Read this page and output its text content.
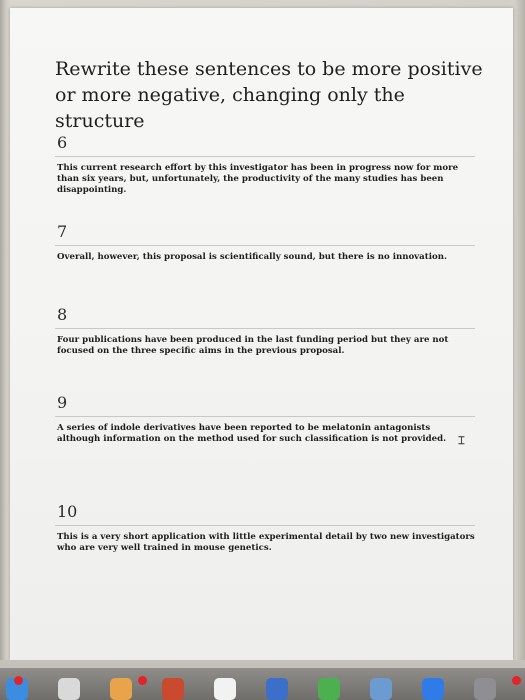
Rewrite these sentences to be more positive
or more negative, changing only the structure
6
This current research effort by this investigator has been in progress now for more than six years, but, unfortunately, the productivity of the many studies has been disappointing.
7
Overall, however, this proposal is scientifically sound, but there is no innovation.
8
Four publications have been produced in the last funding period but they are not focused on the three specific aims in the previous proposal.
9
A series of indole derivatives have been reported to be melatonin antagonists although information on the method used for such classification is not provided. ⌶
10
This is a very short application with little experimental detail by two new investigators who are very well trained in mouse genetics.
